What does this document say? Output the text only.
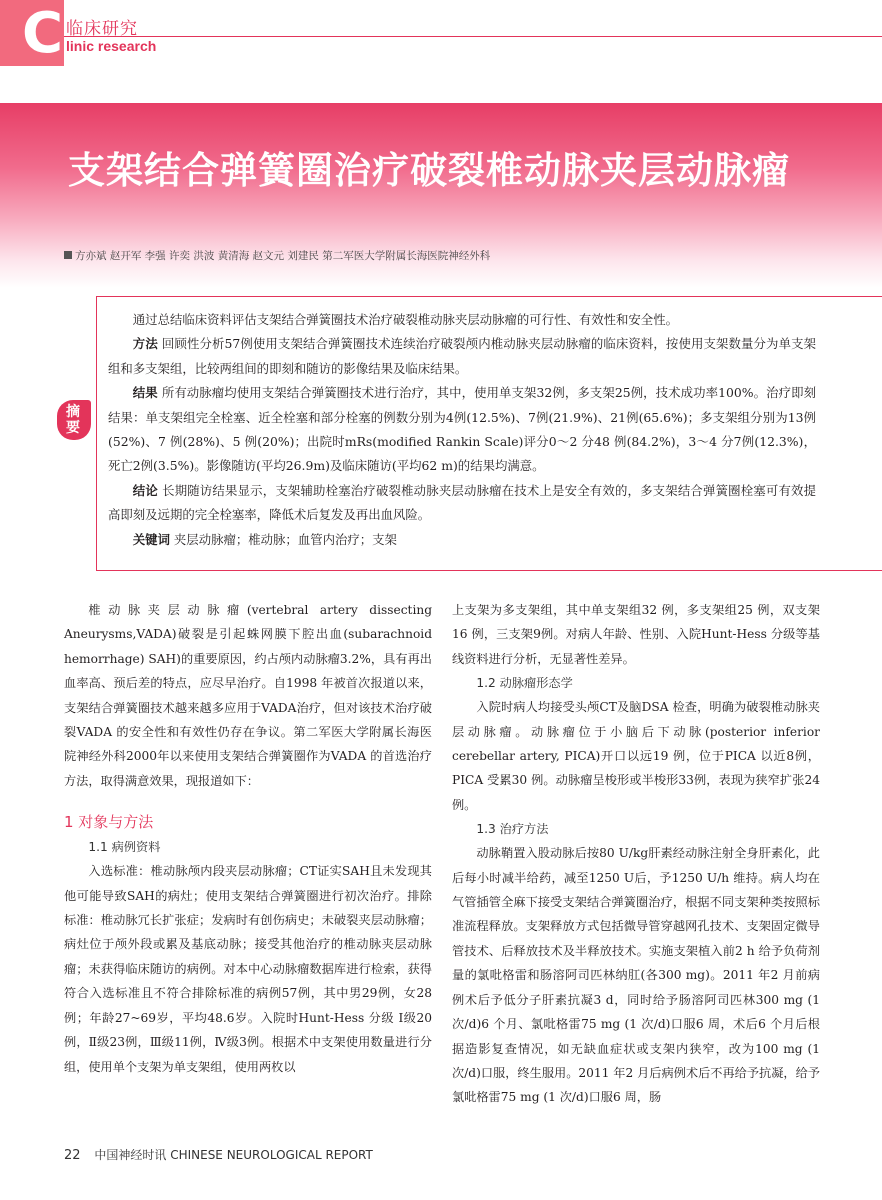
C 临床研究
linic research
支架结合弹簧圈治疗破裂椎动脉夹层动脉瘤
方亦斌 赵开军 李强 许奕 洪波 黄清海 赵文元 刘建民 第二军医大学附属长海医院神经外科
摘
要

通过总结临床资料评估支架结合弹簧圈技术治疗破裂椎动脉夹层动脉瘤的可行性、有效性和安全性。

方法 回顾性分析57例使用支架结合弹簧圈技术连续治疗破裂颅内椎动脉夹层动脉瘤的临床资料，按使用支架数量分为单支架组和多支架组，比较两组间的即刻和随访的影像结果及临床结果。

结果 所有动脉瘤均使用支架结合弹簧圈技术进行治疗，其中，使用单支架32例，多支架25例，技术成功率100%。治疗即刻结果：单支架组完全栓塞、近全栓塞和部分栓塞的例数分别为4例(12.5%)、7例(21.9%)、21例(65.6%)；多支架组分别为13例(52%)、7 例(28%)、5 例(20%)；出院时mRs(modified Rankin Scale)评分0～2 分48 例(84.2%)，3～4 分7例(12.3%)，死亡2例(3.5%)。影像随访(平均26.9m)及临床随访(平均62 m)的结果均满意。

结论 长期随访结果显示，支架辅助栓塞治疗破裂椎动脉夹层动脉瘤在技术上是安全有效的，多支架结合弹簧圈栓塞可有效提高即刻及远期的完全栓塞率，降低术后复发及再出血风险。

关键词 夹层动脉瘤；椎动脉；血管内治疗；支架

椎动脉夹层动脉瘤(vertebral artery dissecting Aneurysms,VADA)破裂是引起蛛网膜下腔出血(subarachnoid hemorrhage) SAH)的重要原因，约占颅内动脉瘤3.2%，具有再出血率高、预后差的特点，应尽早治疗。自1998 年被首次报道以来，支架结合弹簧圈技术越来越多应用于VADA治疗，但对该技术治疗破裂VADA 的安全性和有效性仍存在争议。第二军医大学附属长海医院神经外科2000年以来使用支架结合弹簧圈作为VADA 的首选治疗方法，取得满意效果，现报道如下：

1 对象与方法
1.1 病例资料

入选标准：椎动脉颅内段夹层动脉瘤；CT证实SAH且未发现其他可能导致SAH的病灶；使用支架结合弹簧圈进行初次治疗。排除标准：椎动脉冗长扩张症；发病时有创伤病史；未破裂夹层动脉瘤；病灶位于颅外段或累及基底动脉；接受其他治疗的椎动脉夹层动脉瘤；未获得临床随访的病例。对本中心动脉瘤数据库进行检索，获得符合入选标准且不符合排除标准的病例57例，其中男29例，女28例；年龄27~69岁，平均48.6岁。入院时Hunt-Hess 分级 Ⅰ级20例，Ⅱ级23例，Ⅲ级11例，Ⅳ级3例。根据术中支架使用数量进行分组，使用单个支架为单支架组，使用两枚以

上支架为多支架组，其中单支架组32 例，多支架组25 例，双支架16 例，三支架9例。对病人年龄、性别、入院Hunt-Hess 分级等基线资料进行分析，无显著性差异。

1.2 动脉瘤形态学

入院时病人均接受头颅CT及脑DSA 检查，明确为破裂椎动脉夹层动脉瘤。动脉瘤位于小脑后下动脉(posterior inferior cerebellar artery, PICA)开口以远19 例，位于PICA 以近8例，PICA 受累30 例。动脉瘤呈梭形或半梭形33例，表现为狭窄扩张24 例。

1.3 治疗方法

动脉鞘置入股动脉后按80 U/kg肝素经动脉注射全身肝素化，此后每小时减半给药，减至1250 U后，予1250 U/h 维持。病人均在气管插管全麻下接受支架结合弹簧圈治疗，根据不同支架种类按照标准流程释放。支架释放方式包括微导管穿越网孔技术、支架固定微导管技术、后释放技术及半释放技术。实施支架植入前2 h 给予负荷剂量的氯吡格雷和肠溶阿司匹林纳肛(各300 mg)。2011 年2 月前病例术后予低分子肝素抗凝3 d，同时给予肠溶阿司匹林300 mg (1 次/d)6 个月、氯吡格雷75 mg (1 次/d)口服6 周，术后6 个月后根据造影复查情况，如无缺血症状或支架内狭窄，改为100 mg (1 次/d)口服，终生服用。2011 年2 月后病例术后不再给予抗凝，给予氯吡格雷75 mg (1 次/d)口服6 周，肠

22 中国神经时讯 CHINESE NEUROLOGICAL REPORT
